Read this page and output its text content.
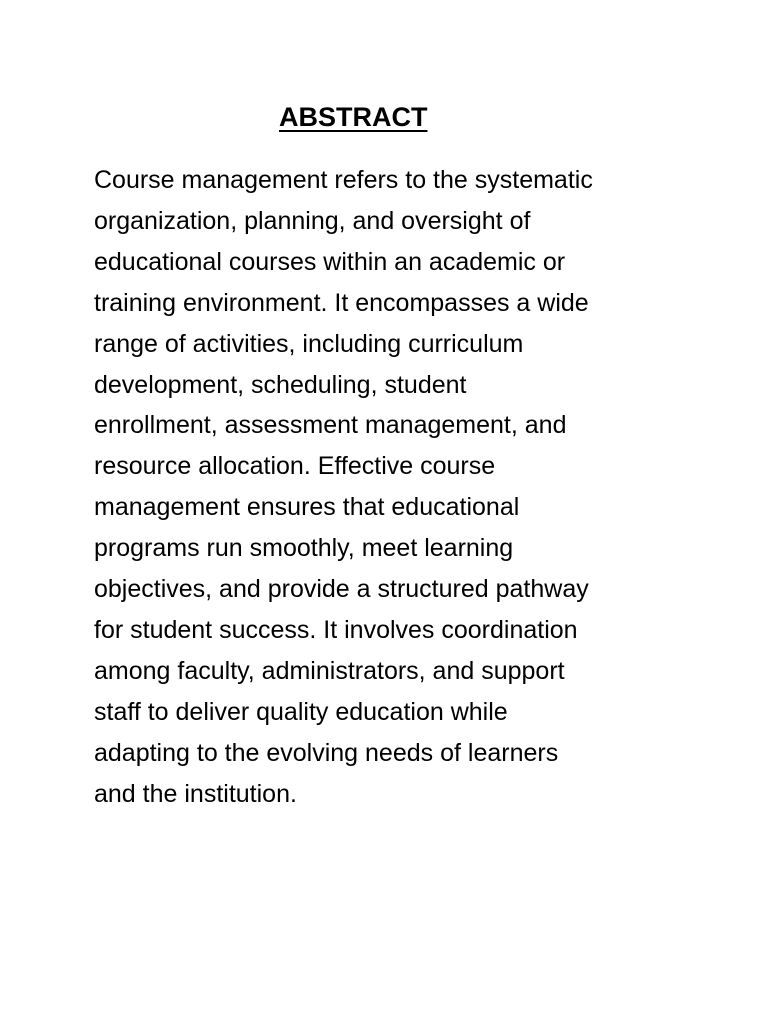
ABSTRACT
Course management refers to the systematic
organization, planning, and oversight of
educational courses within an academic or
training environment. It encompasses a wide
range of activities, including curriculum
development, scheduling, student
enrollment, assessment management, and
resource allocation. Effective course
management ensures that educational
programs run smoothly, meet learning
objectives, and provide a structured pathway
for student success. It involves coordination
among faculty, administrators, and support
staff to deliver quality education while
adapting to the evolving needs of learners
and the institution.
